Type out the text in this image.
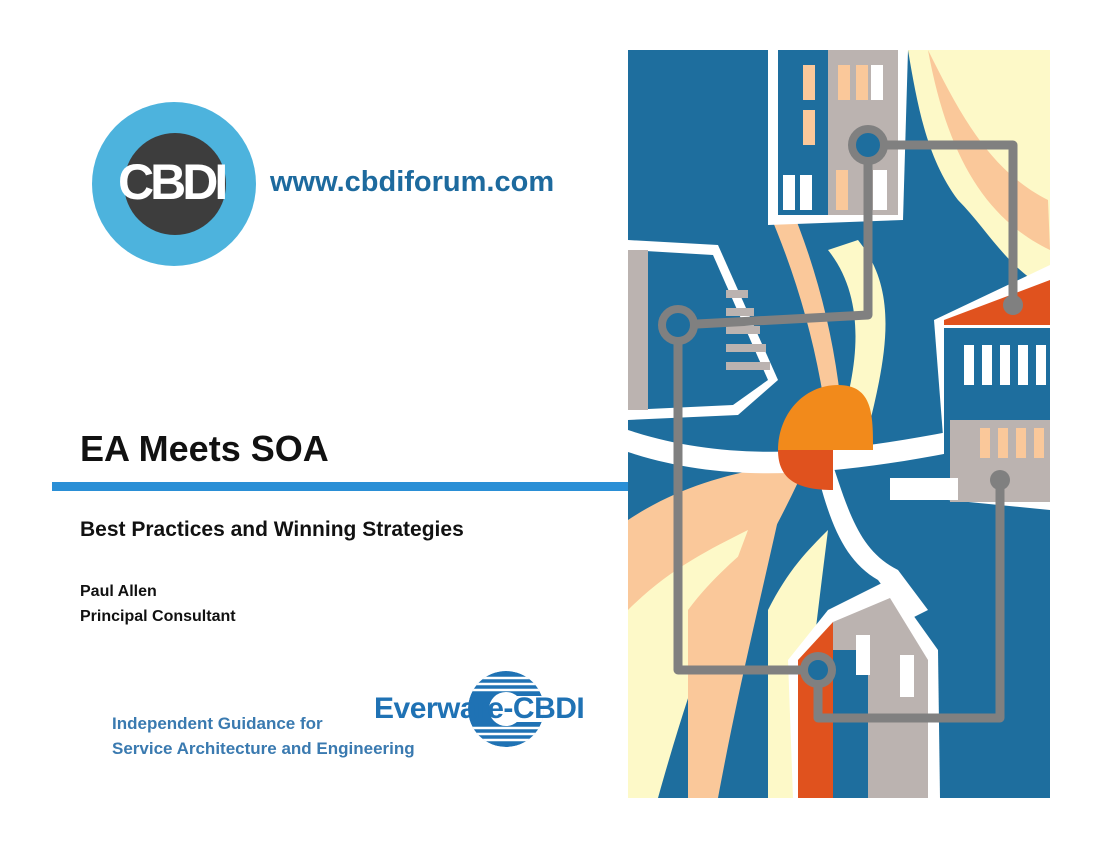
CBDI	www.cbdiforum.com
EA Meets SOA
Best Practices and Winning Strategies
Paul Allen
Principal Consultant
Independent Guidance for
Service Architecture and Engineering
Everware-CBDI
